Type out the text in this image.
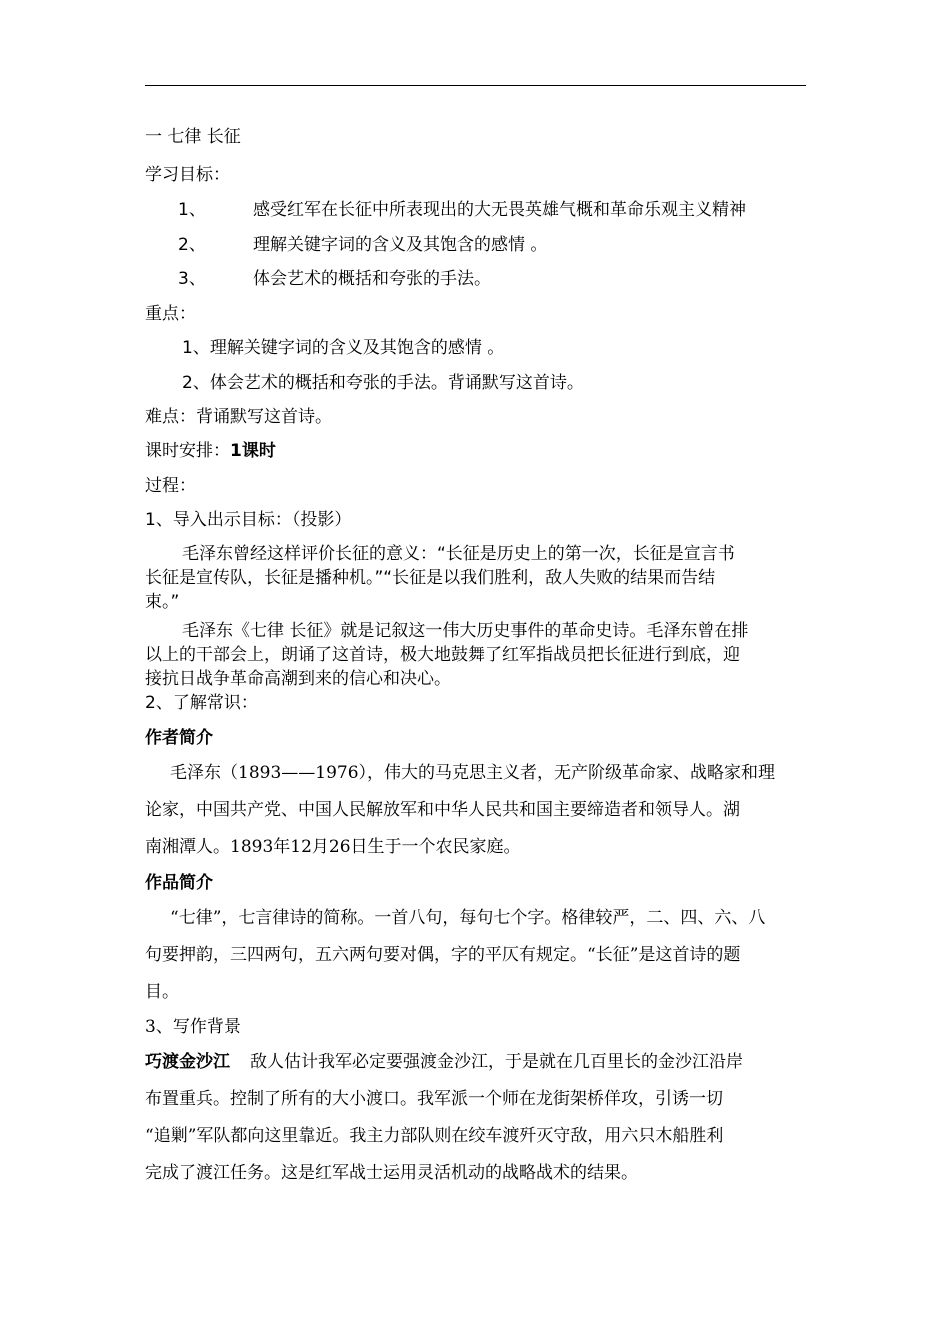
一 七律 长征
学习目标：
1、	感受红军在长征中所表现出的大无畏英雄气概和革命乐观主义精神
2、	理解关键字词的含义及其饱含的感情 。
3、	体会艺术的概括和夸张的手法。
重点：
1、理解关键字词的含义及其饱含的感情 。
2、体会艺术的概括和夸张的手法。背诵默写这首诗。
难点：背诵默写这首诗。
课时安排：1课时
过程：
1、导入出示目标：（投影）
毛泽东曾经这样评价长征的意义：“长征是历史上的第一次，长征是宣言书
长征是宣传队，长征是播种机。”“长征是以我们胜利，敌人失败的结果而告结
束。”
毛泽东《七律 长征》就是记叙这一伟大历史事件的革命史诗。毛泽东曾在排
以上的干部会上，朗诵了这首诗，极大地鼓舞了红军指战员把长征进行到底，迎
接抗日战争革命高潮到来的信心和决心。
2、了解常识：
作者简介
毛泽东（1893——1976），伟大的马克思主义者，无产阶级革命家、战略家和理
论家，中国共产党、中国人民解放军和中华人民共和国主要缔造者和领导人。湖
南湘潭人。1893年12月26日生于一个农民家庭。
作品简介
“七律”，七言律诗的简称。一首八句，每句七个字。格律较严，二、四、六、八
句要押韵，三四两句，五六两句要对偶，字的平仄有规定。“长征”是这首诗的题
目。
3、写作背景
巧渡金沙江 敌人估计我军必定要强渡金沙江，于是就在几百里长的金沙江沿岸
布置重兵。控制了所有的大小渡口。我军派一个师在龙街架桥佯攻，引诱一切
“追剿”军队都向这里靠近。我主力部队则在绞车渡歼灭守敌，用六只木船胜利
完成了渡江任务。这是红军战士运用灵活机动的战略战术的结果。
